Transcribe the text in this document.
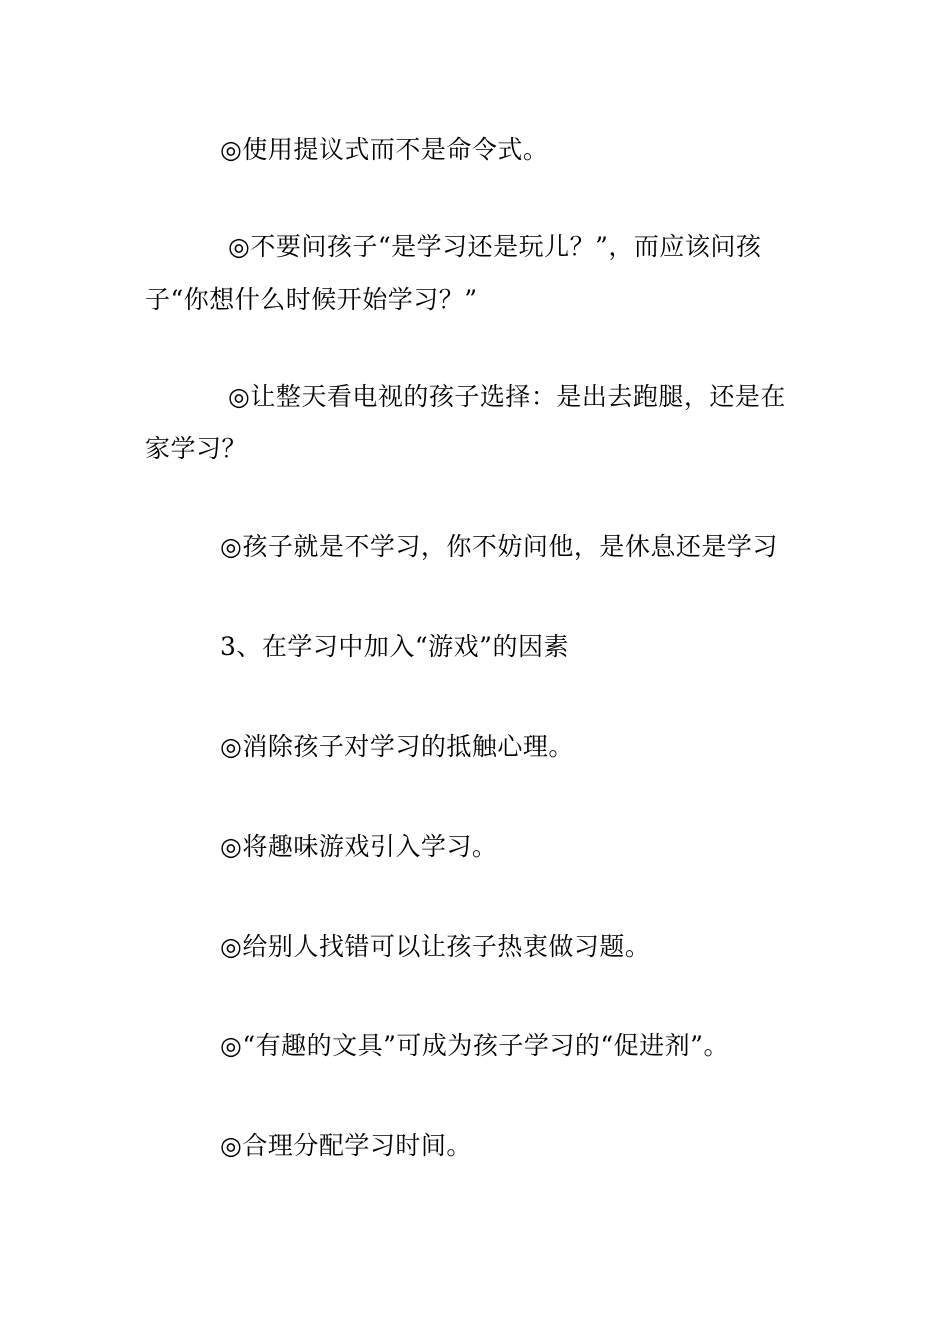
◎使用提议式而不是命令式。

◎不要问孩子“是学习还是玩儿？”，而应该问孩

子“你想什么时候开始学习？”

◎让整天看电视的孩子选择：是出去跑腿，还是在

家学习？

◎孩子就是不学习，你不妨问他，是休息还是学习

3、在学习中加入“游戏”的因素

◎消除孩子对学习的抵触心理。

◎将趣味游戏引入学习。

◎给别人找错可以让孩子热衷做习题。

◎“有趣的文具”可成为孩子学习的“促进剂”。

◎合理分配学习时间。
